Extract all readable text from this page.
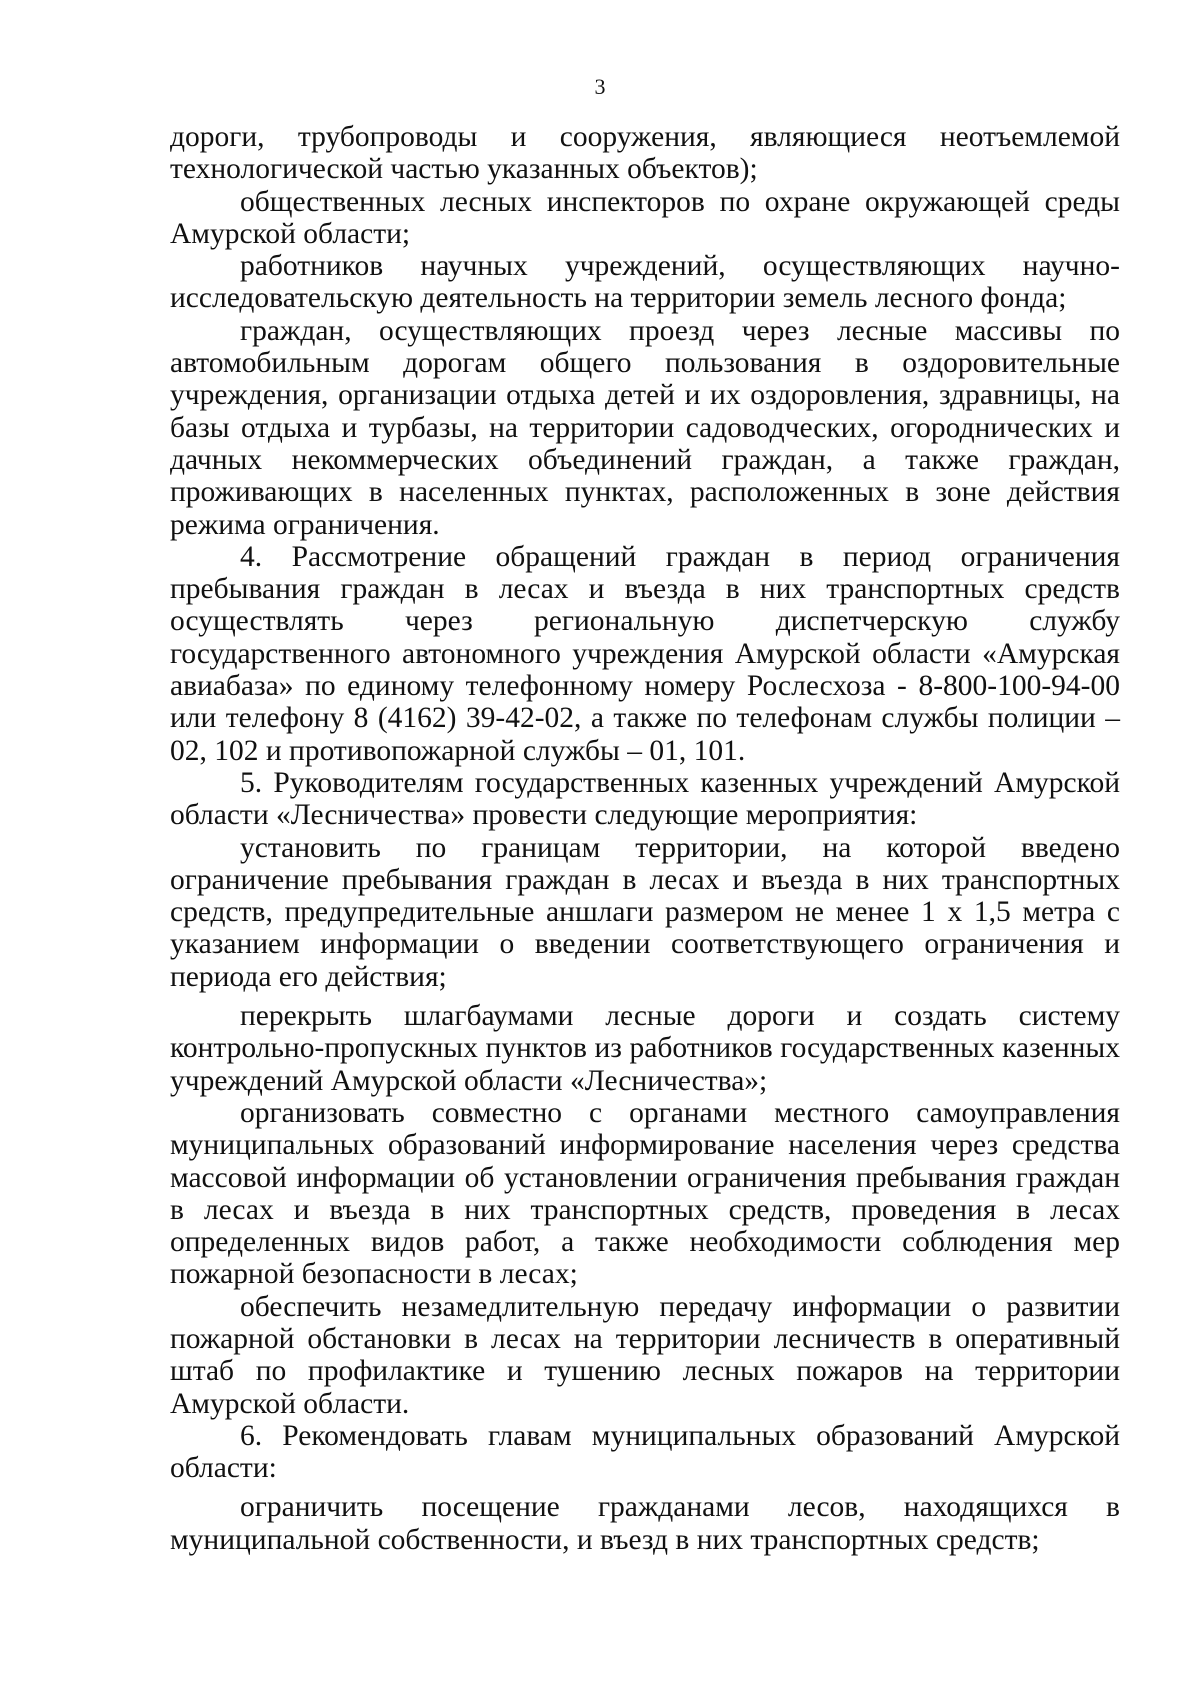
3

дороги, трубопроводы и сооружения, являющиеся неотъемлемой технологической частью указанных объектов);

общественных лесных инспекторов по охране окружающей среды Амурской области;

работников научных учреждений, осуществляющих научно-исследовательскую деятельность на территории земель лесного фонда;

граждан, осуществляющих проезд через лесные массивы по автомобильным дорогам общего пользования в оздоровительные учреждения, организации отдыха детей и их оздоровления, здравницы, на базы отдыха и турбазы, на территории садоводческих, огороднических и дачных некоммерческих объединений граждан, а также граждан, проживающих в населенных пунктах, расположенных в зоне действия режима ограничения.

4. Рассмотрение обращений граждан в период ограничения пребывания граждан в лесах и въезда в них транспортных средств осуществлять через региональную диспетчерскую службу государственного автономного учреждения Амурской области «Амурская авиабаза» по единому телефонному номеру Рослесхоза - 8-800-100-94-00 или телефону 8 (4162) 39-42-02, а также по телефонам службы полиции – 02, 102 и противопожарной службы – 01, 101.

5. Руководителям государственных казенных учреждений Амурской области «Лесничества» провести следующие мероприятия:

установить по границам территории, на которой введено ограничение пребывания граждан в лесах и въезда в них транспортных средств, предупредительные аншлаги размером не менее 1 х 1,5 метра с указанием информации о введении соответствующего ограничения и периода его действия;

перекрыть шлагбаумами лесные дороги и создать систему контрольно-пропускных пунктов из работников государственных казенных учреждений Амурской области «Лесничества»;

организовать совместно с органами местного самоуправления муниципальных образований информирование населения через средства массовой информации об установлении ограничения пребывания граждан в лесах и въезда в них транспортных средств, проведения в лесах определенных видов работ, а также необходимости соблюдения мер пожарной безопасности в лесах;

обеспечить незамедлительную передачу информации о развитии пожарной обстановки в лесах на территории лесничеств в оперативный штаб по профилактике и тушению лесных пожаров на территории Амурской области.

6. Рекомендовать главам муниципальных образований Амурской области:

ограничить посещение гражданами лесов, находящихся в муниципальной собственности, и въезд в них транспортных средств;
